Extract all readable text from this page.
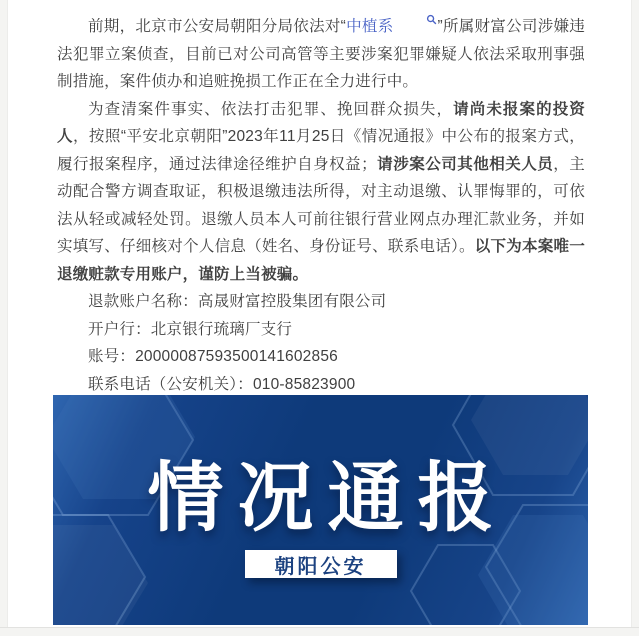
前期，北京市公安局朝阳分局依法对“中植系	”所属财富公司涉嫌违法犯罪立案侦查，目前已对公司高管等主要涉案犯罪嫌疑人依法采取刑事强制措施，案件侦办和追赃挽损工作正在全力进行中。

为查清案件事实、依法打击犯罪、挽回群众损失，请尚未报案的投资人，按照“平安北京朝阳”2023年11月25日《情况通报》中公布的报案方式，履行报案程序，通过法律途径维护自身权益；请涉案公司其他相关人员，主动配合警方调查取证，积极退缴违法所得，对主动退缴、认罪悔罪的，可依法从轻或减轻处罚。退缴人员本人可前往银行营业网点办理汇款业务，并如实填写、仔细核对个人信息（姓名、身份证号、联系电话）。以下为本案唯一退缴赃款专用账户，谨防上当被骗。

退款账户名称：高晟财富控股集团有限公司

开户行：北京银行琉璃厂支行

账号：20000087593500141602856

联系电话（公安机关）：010-85823900

情况通报
朝阳公安
